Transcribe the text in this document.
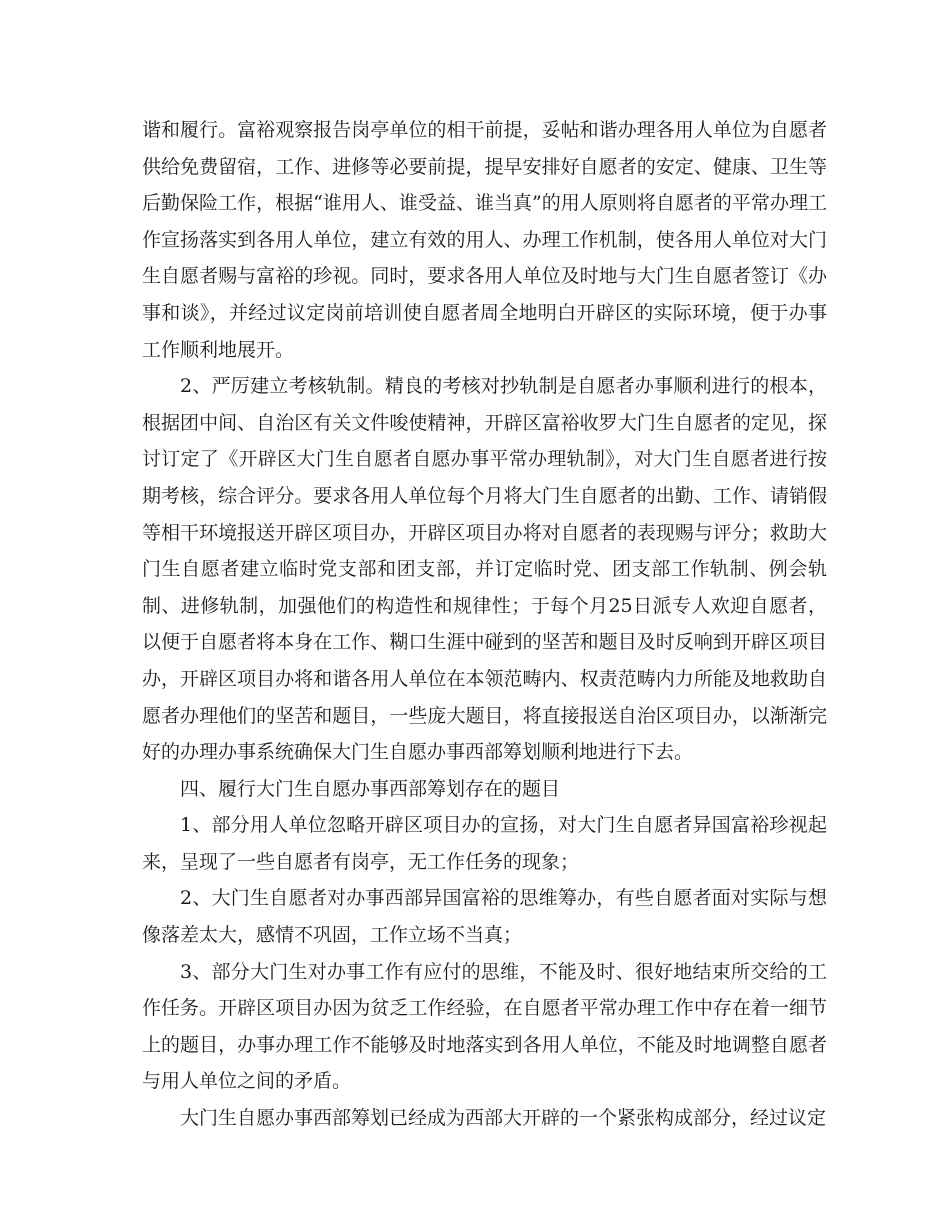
谐和履行。富裕观察报告岗亭单位的相干前提，妥帖和谐办理各用人单位为自愿者供给免费留宿，工作、进修等必要前提，提早安排好自愿者的安定、健康、卫生等后勤保险工作，根据“谁用人、谁受益、谁当真”的用人原则将自愿者的平常办理工作宣扬落实到各用人单位，建立有效的用人、办理工作机制，使各用人单位对大门生自愿者赐与富裕的珍视。同时，要求各用人单位及时地与大门生自愿者签订《办事和谈》，并经过议定岗前培训使自愿者周全地明白开辟区的实际环境，便于办事工作顺利地展开。

2、严厉建立考核轨制。精良的考核对抄轨制是自愿者办事顺利进行的根本，根据团中间、自治区有关文件唆使精神，开辟区富裕收罗大门生自愿者的定见，探讨订定了《开辟区大门生自愿者自愿办事平常办理轨制》，对大门生自愿者进行按期考核，综合评分。要求各用人单位每个月将大门生自愿者的出勤、工作、请销假等相干环境报送开辟区项目办，开辟区项目办将对自愿者的表现赐与评分；救助大门生自愿者建立临时党支部和团支部，并订定临时党、团支部工作轨制、例会轨制、进修轨制，加强他们的构造性和规律性；于每个月25日派专人欢迎自愿者，以便于自愿者将本身在工作、糊口生涯中碰到的坚苦和题目及时反响到开辟区项目办，开辟区项目办将和谐各用人单位在本领范畴内、权责范畴内力所能及地救助自愿者办理他们的坚苦和题目，一些庞大题目，将直接报送自治区项目办，以渐渐完好的办理办事系统确保大门生自愿办事西部筹划顺利地进行下去。

四、履行大门生自愿办事西部筹划存在的题目

1、部分用人单位忽略开辟区项目办的宣扬，对大门生自愿者异国富裕珍视起来，呈现了一些自愿者有岗亭，无工作任务的现象；

2、大门生自愿者对办事西部异国富裕的思维筹办，有些自愿者面对实际与想像落差太大，感情不巩固，工作立场不当真；

3、部分大门生对办事工作有应付的思维，不能及时、很好地结束所交给的工作任务。开辟区项目办因为贫乏工作经验，在自愿者平常办理工作中存在着一细节上的题目，办事办理工作不能够及时地落实到各用人单位，不能及时地调整自愿者与用人单位之间的矛盾。

大门生自愿办事西部筹划已经成为西部大开辟的一个紧张构成部分，经过议定
